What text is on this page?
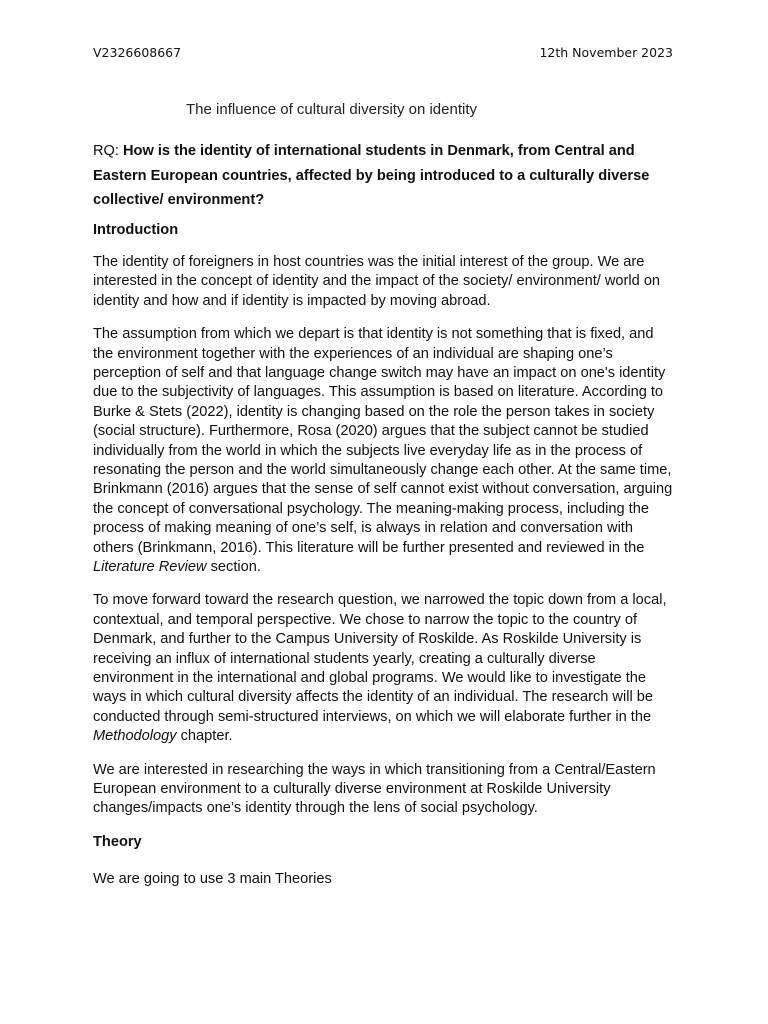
V2326608667	12th November 2023
The influence of cultural diversity on identity

RQ: How is the identity of international students in Denmark, from Central and Eastern European countries, affected by being introduced to a culturally diverse collective/ environment?

Introduction

The identity of foreigners in host countries was the initial interest of the group. We are interested in the concept of identity and the impact of the society/ environment/ world on identity and how and if identity is impacted by moving abroad.

The assumption from which we depart is that identity is not something that is fixed, and the environment together with the experiences of an individual are shaping one’s perception of self and that language change switch may have an impact on one's identity due to the subjectivity of languages. This assumption is based on literature. According to Burke & Stets (2022), identity is changing based on the role the person takes in society (social structure). Furthermore, Rosa (2020) argues that the subject cannot be studied individually from the world in which the subjects live everyday life as in the process of resonating the person and the world simultaneously change each other. At the same time, Brinkmann (2016) argues that the sense of self cannot exist without conversation, arguing the concept of conversational psychology. The meaning-making process, including the process of making meaning of one’s self, is always in relation and conversation with others (Brinkmann, 2016). This literature will be further presented and reviewed in the Literature Review section.

To move forward toward the research question, we narrowed the topic down from a local, contextual, and temporal perspective. We chose to narrow the topic to the country of Denmark, and further to the Campus University of Roskilde. As Roskilde University is receiving an influx of international students yearly, creating a culturally diverse environment in the international and global programs. We would like to investigate the ways in which cultural diversity affects the identity of an individual. The research will be conducted through semi-structured interviews, on which we will elaborate further in the Methodology chapter.

We are interested in researching the ways in which transitioning from a Central/Eastern European environment to a culturally diverse environment at Roskilde University changes/impacts one’s identity through the lens of social psychology.

Theory

We are going to use 3 main Theories
